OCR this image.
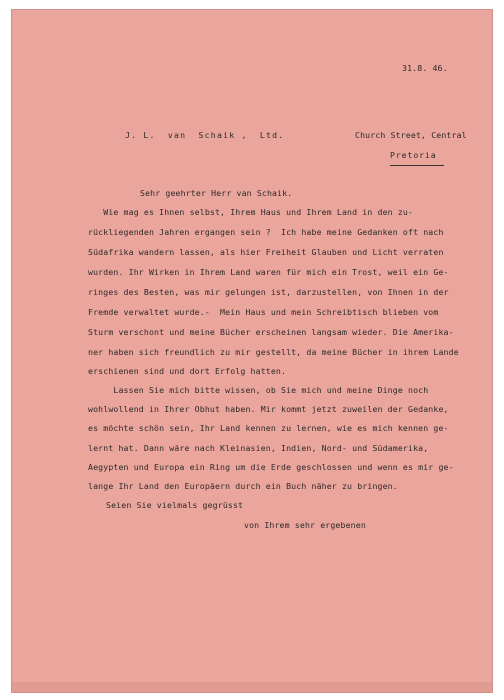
31.8. 46.
J. L.  van  Schaik ,  Ltd.	Church Street, Central
Pretoria
Sehr geehrter Herr van Schaik.
Wie mag es Ihnen selbst, Ihrem Haus und Ihrem Land in den zu-
rückliegenden Jahren ergangen sein ?  Ich habe meine Gedanken oft nach
Südafrika wandern lassen, als hier Freiheit Glauben und Licht verraten
wurden. Ihr Wirken in Ihrem Land waren für mich ein Trost, weil ein Ge-
ringes des Besten, was mir gelungen ist, darzustellen, von Ihnen in der
Fremde verwaltet wurde.-  Mein Haus und mein Schreibtisch blieben vom
Sturm verschont und meine Bücher erscheinen langsam wieder. Die Amerika-
ner haben sich freundlich zu mir gestellt, da meine Bücher in ihrem Lande
erschienen sind und dort Erfolg hatten.
Lassen Sie mich bitte wissen, ob Sie mich und meine Dinge noch
wohlwollend in Ihrer Obhut haben. Mir kommt jetzt zuweilen der Gedanke,
es möchte schön sein, Ihr Land kennen zu lernen, wie es mich kennen ge-
lernt hat. Dann wäre nach Kleinasien, Indien, Nord- und Südamerika,
Aegypten und Europa ein Ring um die Erde geschlossen und wenn es mir ge-
lange Ihr Land den Europäern durch ein Buch näher zu bringen.
Seien Sie vielmals gegrüsst
von Ihrem sehr ergebenen
